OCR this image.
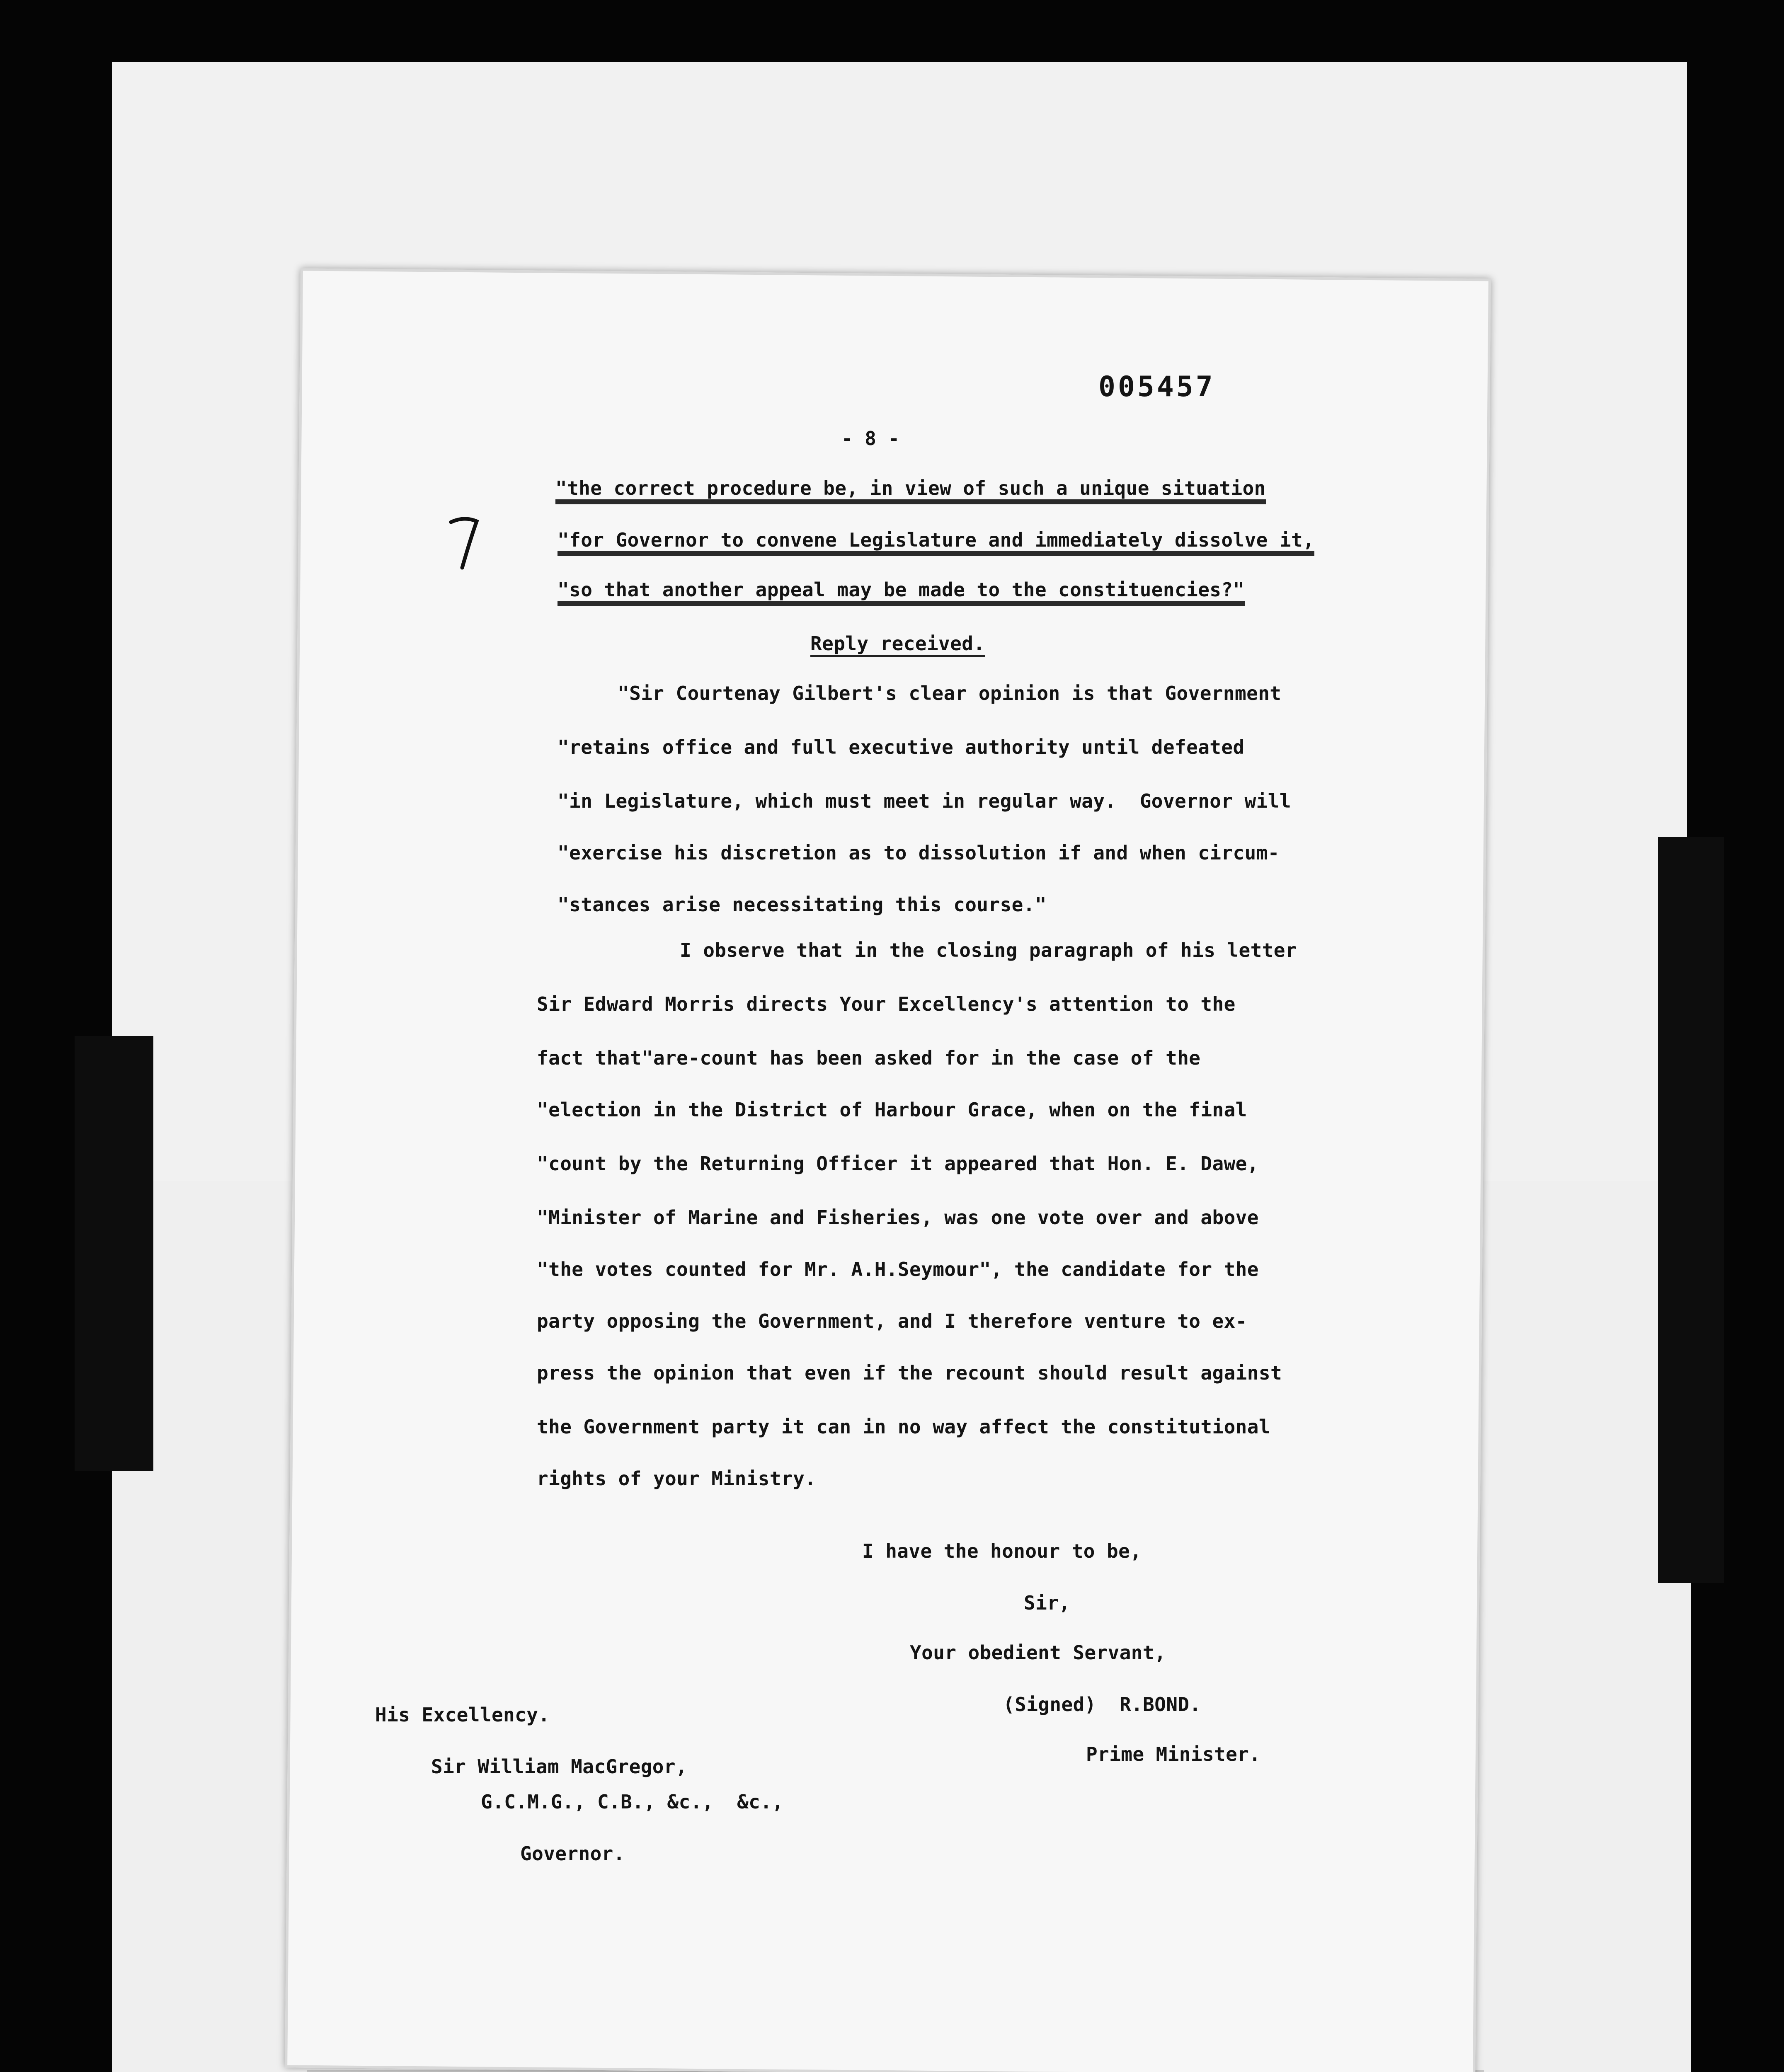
005457
- 8 -
"the correct procedure be, in view of such a unique situation
"for Governor to convene Legislature and immediately dissolve it,
"so that another appeal may be made to the constituencies?"
Reply received.
"Sir Courtenay Gilbert's clear opinion is that Government
"retains office and full executive authority until defeated
"in Legislature, which must meet in regular way.  Governor will
"exercise his discretion as to dissolution if and when circum-
"stances arise necessitating this course."
I observe that in the closing paragraph of his letter
Sir Edward Morris directs Your Excellency's attention to the
fact that"are-count has been asked for in the case of the
"election in the District of Harbour Grace, when on the final
"count by the Returning Officer it appeared that Hon. E. Dawe,
"Minister of Marine and Fisheries, was one vote over and above
"the votes counted for Mr. A.H.Seymour", the candidate for the
party opposing the Government, and I therefore venture to ex-
press the opinion that even if the recount should result against
the Government party it can in no way affect the constitutional
rights of your Ministry.
I have the honour to be,
Sir,
Your obedient Servant,
(Signed)  R.BOND.
Prime Minister.
His Excellency.
Sir William MacGregor,
G.C.M.G., C.B., &c.,  &c.,
Governor.
